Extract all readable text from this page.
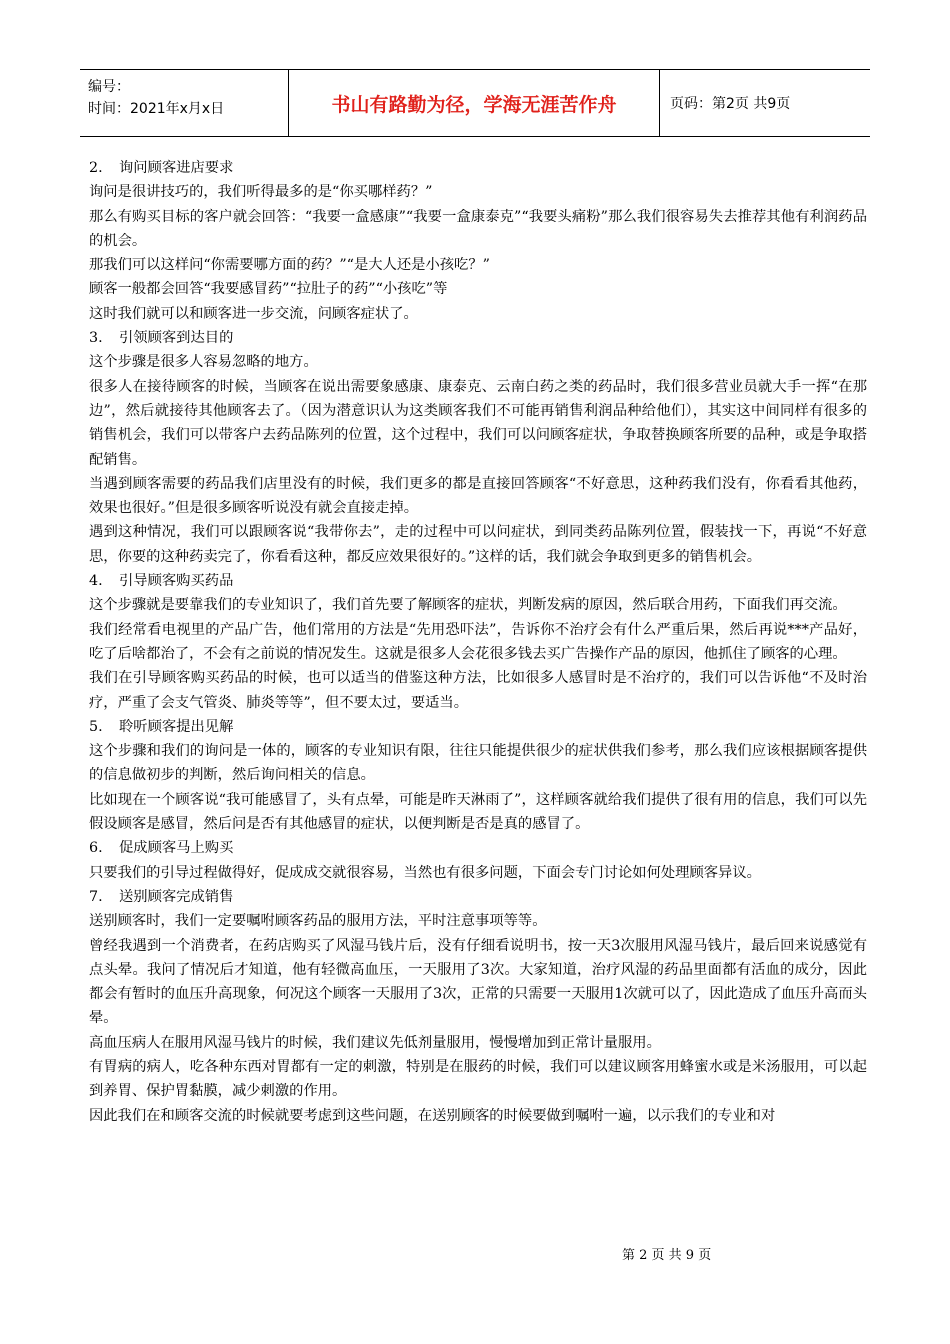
编号：
时间：2021年x月x日	书山有路勤为径，学海无涯苦作舟	页码：第2页 共9页

2. 询问顾客进店要求

询问是很讲技巧的，我们听得最多的是“你买哪样药？”

那么有购买目标的客户就会回答：“我要一盒感康”“我要一盒康泰克”“我要头痛粉”那么我们很容易失去推荐其他有利润药品的机会。

那我们可以这样问“你需要哪方面的药？”“是大人还是小孩吃？”

顾客一般都会回答“我要感冒药”“拉肚子的药”“小孩吃”等

这时我们就可以和顾客进一步交流，问顾客症状了。

3. 引领顾客到达目的

这个步骤是很多人容易忽略的地方。

很多人在接待顾客的时候，当顾客在说出需要象感康、康泰克、云南白药之类的药品时，我们很多营业员就大手一挥“在那边”，然后就接待其他顾客去了。（因为潜意识认为这类顾客我们不可能再销售利润品种给他们），其实这中间同样有很多的销售机会，我们可以带客户去药品陈列的位置，这个过程中，我们可以问顾客症状，争取替换顾客所要的品种，或是争取搭配销售。

当遇到顾客需要的药品我们店里没有的时候，我们更多的都是直接回答顾客“不好意思，这种药我们没有，你看看其他药，效果也很好。”但是很多顾客听说没有就会直接走掉。

遇到这种情况，我们可以跟顾客说“我带你去”，走的过程中可以问症状，到同类药品陈列位置，假装找一下，再说“不好意思，你要的这种药卖完了，你看看这种，都反应效果很好的。”这样的话，我们就会争取到更多的销售机会。

4. 引导顾客购买药品

这个步骤就是要靠我们的专业知识了，我们首先要了解顾客的症状，判断发病的原因，然后联合用药，下面我们再交流。

我们经常看电视里的产品广告，他们常用的方法是“先用恐吓法”，告诉你不治疗会有什么严重后果，然后再说***产品好，吃了后啥都治了，不会有之前说的情况发生。这就是很多人会花很多钱去买广告操作产品的原因，他抓住了顾客的心理。

我们在引导顾客购买药品的时候，也可以适当的借鉴这种方法，比如很多人感冒时是不治疗的，我们可以告诉他“不及时治疗，严重了会支气管炎、肺炎等等”，但不要太过，要适当。

5. 聆听顾客提出见解

这个步骤和我们的询问是一体的，顾客的专业知识有限，往往只能提供很少的症状供我们参考，那么我们应该根据顾客提供的信息做初步的判断，然后询问相关的信息。

比如现在一个顾客说“我可能感冒了，头有点晕，可能是昨天淋雨了”，这样顾客就给我们提供了很有用的信息，我们可以先假设顾客是感冒，然后问是否有其他感冒的症状，以便判断是否是真的感冒了。

6. 促成顾客马上购买

只要我们的引导过程做得好，促成成交就很容易，当然也有很多问题，下面会专门讨论如何处理顾客异议。

7. 送别顾客完成销售

送别顾客时，我们一定要嘱咐顾客药品的服用方法，平时注意事项等等。

曾经我遇到一个消费者，在药店购买了风湿马钱片后，没有仔细看说明书，按一天3次服用风湿马钱片，最后回来说感觉有点头晕。我问了情况后才知道，他有轻微高血压，一天服用了3次。大家知道，治疗风湿的药品里面都有活血的成分，因此都会有暂时的血压升高现象，何况这个顾客一天服用了3次，正常的只需要一天服用1次就可以了，因此造成了血压升高而头晕。

高血压病人在服用风湿马钱片的时候，我们建议先低剂量服用，慢慢增加到正常计量服用。

有胃病的病人，吃各种东西对胃都有一定的刺激，特别是在服药的时候，我们可以建议顾客用蜂蜜水或是米汤服用，可以起到养胃、保护胃黏膜，减少刺激的作用。

因此我们在和顾客交流的时候就要考虑到这些问题，在送别顾客的时候要做到嘱咐一遍，以示我们的专业和对

第 2 页 共 9 页
